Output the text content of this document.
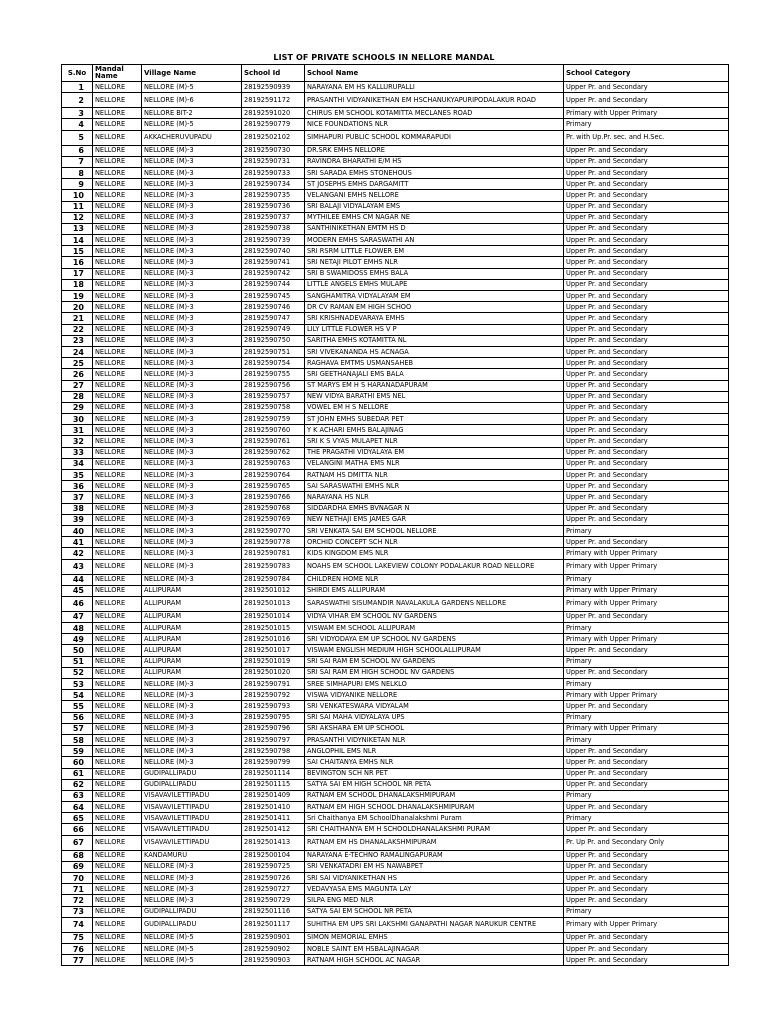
LIST OF PRIVATE SCHOOLS IN NELLORE MANDAL
S.No	Mandal Name	Village Name	School Id	School Name	School Category
1	NELLORE	NELLORE (M)-5	28192590939	NARAYANA EM HS KALLURUPALLI	Upper Pr. and Secondary
2	NELLORE	NELLORE (M)-6	28192591172	PRASANTHI VIDYANIKETHAN EM HSCHANUKYAPURIPODALAKUR ROAD	Upper Pr. and Secondary
3	NELLORE	NELLORE BIT-2	28192591020	CHIRUS EM SCHOOL KOTAMITTA MECLANES ROAD	Primary with Upper Primary
4	NELLORE	NELLORE (M)-5	28192590779	NICE FOUNDATIONS NLR	Primary
5	NELLORE	AKKACHERUVUPADU	28192502102	SIMHAPURI PUBLIC SCHOOL KOMMARAPUDI	Pr. with Up.Pr. sec. and H.Sec.
6	NELLORE	NELLORE (M)-3	28192590730	DR.SRK EMHS NELLORE	Upper Pr. and Secondary
7	NELLORE	NELLORE (M)-3	28192590731	RAVINDRA BHARATHI E/M HS	Upper Pr. and Secondary
8	NELLORE	NELLORE (M)-3	28192590733	SRI SARADA EMHS STONEHOUS	Upper Pr. and Secondary
9	NELLORE	NELLORE (M)-3	28192590734	ST JOSEPHS EMHS DARGAMITT	Upper Pr. and Secondary
10	NELLORE	NELLORE (M)-3	28192590735	VELANGANI EMHS NELLORE	Upper Pr. and Secondary
11	NELLORE	NELLORE (M)-3	28192590736	SRI BALAJI VIDYALAYAM EMS	Upper Pr. and Secondary
12	NELLORE	NELLORE (M)-3	28192590737	MYTHILEE EMHS CM NAGAR NE	Upper Pr. and Secondary
13	NELLORE	NELLORE (M)-3	28192590738	SANTHINIKETHAN EMTM HS D	Upper Pr. and Secondary
14	NELLORE	NELLORE (M)-3	28192590739	MODERN EMHS SARASWATHI AN	Upper Pr. and Secondary
15	NELLORE	NELLORE (M)-3	28192590740	SRI RSRM LITTLE FLOWER EM	Upper Pr. and Secondary
16	NELLORE	NELLORE (M)-3	28192590741	SRI NETAJI PILOT EMHS NLR	Upper Pr. and Secondary
17	NELLORE	NELLORE (M)-3	28192590742	SRI B SWAMIDOSS EMHS BALA	Upper Pr. and Secondary
18	NELLORE	NELLORE (M)-3	28192590744	LITTLE ANGELS EMHS MULAPE	Upper Pr. and Secondary
19	NELLORE	NELLORE (M)-3	28192590745	SANGHAMITRA VIDYALAYAM EM	Upper Pr. and Secondary
20	NELLORE	NELLORE (M)-3	28192590746	DR CV RAMAN EM HIGH SCHOO	Upper Pr. and Secondary
21	NELLORE	NELLORE (M)-3	28192590747	SRI KRISHNADEVARAYA EMHS	Upper Pr. and Secondary
22	NELLORE	NELLORE (M)-3	28192590749	LILY LITTLE FLOWER HS V P	Upper Pr. and Secondary
23	NELLORE	NELLORE (M)-3	28192590750	SARITHA EMHS KOTAMITTA NL	Upper Pr. and Secondary
24	NELLORE	NELLORE (M)-3	28192590751	SRI VIVEKANANDA HS ACNAGA	Upper Pr. and Secondary
25	NELLORE	NELLORE (M)-3	28192590754	RAGHAVA EMTMS USMANSAHEB	Upper Pr. and Secondary
26	NELLORE	NELLORE (M)-3	28192590755	SRI GEETHANAJALI EMS BALA	Upper Pr. and Secondary
27	NELLORE	NELLORE (M)-3	28192590756	ST MARYS EM H S HARANADAPURAM	Upper Pr. and Secondary
28	NELLORE	NELLORE (M)-3	28192590757	NEW VIDYA BARATHI EMS NEL	Upper Pr. and Secondary
29	NELLORE	NELLORE (M)-3	28192590758	VOWEL EM H S NELLORE	Upper Pr. and Secondary
30	NELLORE	NELLORE (M)-3	28192590759	ST JOHN EMHS SUBEDAR PET	Upper Pr. and Secondary
31	NELLORE	NELLORE (M)-3	28192590760	Y K ACHARI EMHS BALAJINAG	Upper Pr. and Secondary
32	NELLORE	NELLORE (M)-3	28192590761	SRI K S VYAS MULAPET NLR	Upper Pr. and Secondary
33	NELLORE	NELLORE (M)-3	28192590762	THE PRAGATHI VIDYALAYA EM	Upper Pr. and Secondary
34	NELLORE	NELLORE (M)-3	28192590763	VELANGINI MATHA EMS NLR	Upper Pr. and Secondary
35	NELLORE	NELLORE (M)-3	28192590764	RATNAM HS DMITTA NLR	Upper Pr. and Secondary
36	NELLORE	NELLORE (M)-3	28192590765	SAI SARASWATHI EMHS NLR	Upper Pr. and Secondary
37	NELLORE	NELLORE (M)-3	28192590766	NARAYANA HS NLR	Upper Pr. and Secondary
38	NELLORE	NELLORE (M)-3	28192590768	SIDDARDHA EMHS BVNAGAR N	Upper Pr. and Secondary
39	NELLORE	NELLORE (M)-3	28192590769	NEW NETHAJI EMS JAMES GAR	Upper Pr. and Secondary
40	NELLORE	NELLORE (M)-3	28192590770	SRI VENKATA SAI EM SCHOOL NELLORE	Primary
41	NELLORE	NELLORE (M)-3	28192590778	ORCHID CONCEPT SCH NLR	Upper Pr. and Secondary
42	NELLORE	NELLORE (M)-3	28192590781	KIDS KINGDOM EMS NLR	Primary with Upper Primary
43	NELLORE	NELLORE (M)-3	28192590783	NOAHS EM SCHOOL LAKEVIEW COLONY PODALAKUR ROAD NELLORE	Primary with Upper Primary
44	NELLORE	NELLORE (M)-3	28192590784	CHILDREN HOME NLR	Primary
45	NELLORE	ALLIPURAM	28192501012	SHIRDI EMS ALLIPURAM	Primary with Upper Primary
46	NELLORE	ALLIPURAM	28192501013	SARASWATHI SISUMANDIR NAVALAKULA GARDENS NELLORE	Primary with Upper Primary
47	NELLORE	ALLIPURAM	28192501014	VIDYA VIHAR EM SCHOOL NV GARDENS	Upper Pr. and Secondary
48	NELLORE	ALLIPURAM	28192501015	VISWAM EM SCHOOL ALLIPURAM	Primary
49	NELLORE	ALLIPURAM	28192501016	SRI VIDYODAYA EM UP SCHOOL NV GARDENS	Primary with Upper Primary
50	NELLORE	ALLIPURAM	28192501017	VISWAM ENGLISH MEDIUM HIGH SCHOOLALLIPURAM	Upper Pr. and Secondary
51	NELLORE	ALLIPURAM	28192501019	SRI SAI RAM EM SCHOOL NV GARDENS	Primary
52	NELLORE	ALLIPURAM	28192501020	SRI SAI RAM EM HIGH SCHOOL NV GARDENS	Upper Pr. and Secondary
53	NELLORE	NELLORE (M)-3	28192590791	SREE SIMHAPURI EMS NELKLO	Primary
54	NELLORE	NELLORE (M)-3	28192590792	VISWA VIDYANIKE NELLORE	Primary with Upper Primary
55	NELLORE	NELLORE (M)-3	28192590793	SRI VENKATESWARA VIDYALAM	Upper Pr. and Secondary
56	NELLORE	NELLORE (M)-3	28192590795	SRI SAI MAHA VIDYALAYA UPS	Primary
57	NELLORE	NELLORE (M)-3	28192590796	SRI AKSHARA EM UP SCHOOL	Primary with Upper Primary
58	NELLORE	NELLORE (M)-3	28192590797	PRASANTHI VIDYNIKETAN NLR	Primary
59	NELLORE	NELLORE (M)-3	28192590798	ANGLOPHIL EMS NLR	Upper Pr. and Secondary
60	NELLORE	NELLORE (M)-3	28192590799	SAI CHAITANYA EMHS NLR	Upper Pr. and Secondary
61	NELLORE	GUDIPALLIPADU	28192501114	BEVINGTON SCH NR PET	Upper Pr. and Secondary
62	NELLORE	GUDIPALLIPADU	28192501115	SATYA SAI EM HIGH SCHOOL NR PETA	Upper Pr. and Secondary
63	NELLORE	VISAVAVILETTIPADU	28192501409	RATNAM EM SCHOOL DHANALAKSHMIPURAM	Primary
64	NELLORE	VISAVAVILETTIPADU	28192501410	RATNAM EM HIGH SCHOOL DHANALAKSHMIPURAM	Upper Pr. and Secondary
65	NELLORE	VISAVAVILETTIPADU	28192501411	Sri Chaithanya EM SchoolDhanalakshmi Puram	Primary
66	NELLORE	VISAVAVILETTIPADU	28192501412	SRI CHAITHANYA EM H SCHOOLDHANALAKSHMI PURAM	Upper Pr. and Secondary
67	NELLORE	VISAVAVILETTIPADU	28192501413	RATNAM EM HS DHANALAKSHMIPURAM	Pr. Up Pr. and Secondary Only
68	NELLORE	KANDAMURU	28192500104	NARAYANA E-TECHNO RAMALINGAPURAM	Upper Pr. and Secondary
69	NELLORE	NELLORE (M)-3	28192590725	SRI VENKATADRI EM HS NAWABPET	Upper Pr. and Secondary
70	NELLORE	NELLORE (M)-3	28192590726	SRI SAI VIDYANIKETHAN HS	Upper Pr. and Secondary
71	NELLORE	NELLORE (M)-3	28192590727	VEDAVYASA EMS MAGUNTA LAY	Upper Pr. and Secondary
72	NELLORE	NELLORE (M)-3	28192590729	SILPA ENG MED NLR	Upper Pr. and Secondary
73	NELLORE	GUDIPALLIPADU	28192501116	SATYA SAI EM SCHOOL NR PETA	Primary
74	NELLORE	GUDIPALLIPADU	28192501117	SUHITHA EM UPS SRI LAKSHMI GANAPATHI NAGAR NARUKUR CENTRE	Primary with Upper Primary
75	NELLORE	NELLORE (M)-5	28192590901	SIMON MEMORIAL EMHS	Upper Pr. and Secondary
76	NELLORE	NELLORE (M)-5	28192590902	NOBLE SAINT EM HSBALAJINAGAR	Upper Pr. and Secondary
77	NELLORE	NELLORE (M)-5	28192590903	RATNAM HIGH SCHOOL AC NAGAR	Upper Pr. and Secondary
